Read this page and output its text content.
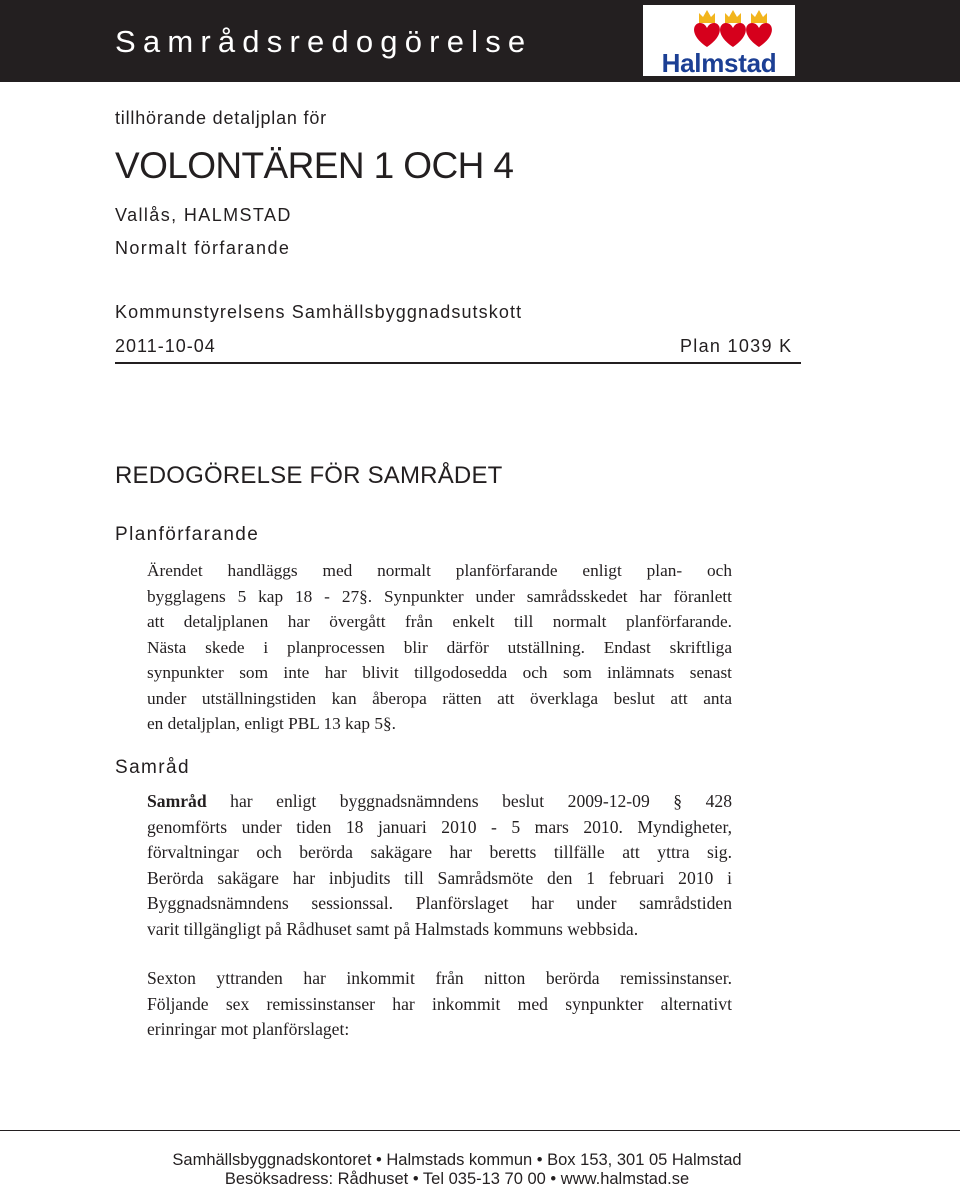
Samrådsredogörelse
Halmstad
tillhörande detaljplan för
VOLONTÄREN 1 OCH 4
Vallås, HALMSTAD
Normalt förfarande
Kommunstyrelsens Samhällsbyggnadsutskott
2011-10-04	Plan 1039 K
REDOGÖRELSE FÖR SAMRÅDET
Planförfarande
Ärendet handläggs med normalt planförfarande enligt plan- och
bygglagens 5 kap 18 - 27§. Synpunkter under samrådsskedet har föranlett
att detaljplanen har övergått från enkelt till normalt planförfarande.
Nästa skede i planprocessen blir därför utställning. Endast skriftliga
synpunkter som inte har blivit tillgodosedda och som inlämnats senast
under utställningstiden kan åberopa rätten att överklaga beslut att anta
en detaljplan, enligt PBL 13 kap 5§.
Samråd
Samråd har enligt byggnadsnämndens beslut 2009-12-09 § 428
genomförts under tiden 18 januari 2010 - 5 mars 2010. Myndigheter,
förvaltningar och berörda sakägare har beretts tillfälle att yttra sig.
Berörda sakägare har inbjudits till Samrådsmöte den 1 februari 2010 i
Byggnadsnämndens sessionssal. Planförslaget har under samrådstiden
varit tillgängligt på Rådhuset samt på Halmstads kommuns webbsida.
Sexton yttranden har inkommit från nitton berörda remissinstanser.
Följande sex remissinstanser har inkommit med synpunkter alternativt
erinringar mot planförslaget:
Samhällsbyggnadskontoret • Halmstads kommun • Box 153, 301 05 Halmstad
Besöksadress: Rådhuset • Tel 035-13 70 00 • www.halmstad.se
